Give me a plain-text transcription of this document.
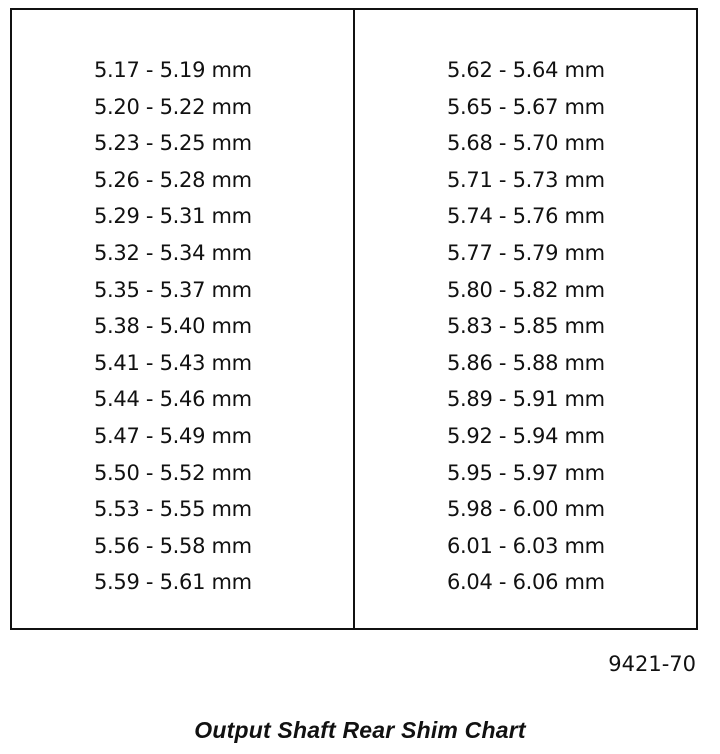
5.17 - 5.19 mm
5.20 - 5.22 mm
5.23 - 5.25 mm
5.26 - 5.28 mm
5.29 - 5.31 mm
5.32 - 5.34 mm
5.35 - 5.37 mm
5.38 - 5.40 mm
5.41 - 5.43 mm
5.44 - 5.46 mm
5.47 - 5.49 mm
5.50 - 5.52 mm
5.53 - 5.55 mm
5.56 - 5.58 mm
5.59 - 5.61 mm
5.62 - 5.64 mm
5.65 - 5.67 mm
5.68 - 5.70 mm
5.71 - 5.73 mm
5.74 - 5.76 mm
5.77 - 5.79 mm
5.80 - 5.82 mm
5.83 - 5.85 mm
5.86 - 5.88 mm
5.89 - 5.91 mm
5.92 - 5.94 mm
5.95 - 5.97 mm
5.98 - 6.00 mm
6.01 - 6.03 mm
6.04 - 6.06 mm
9421-70
Output Shaft Rear Shim Chart
